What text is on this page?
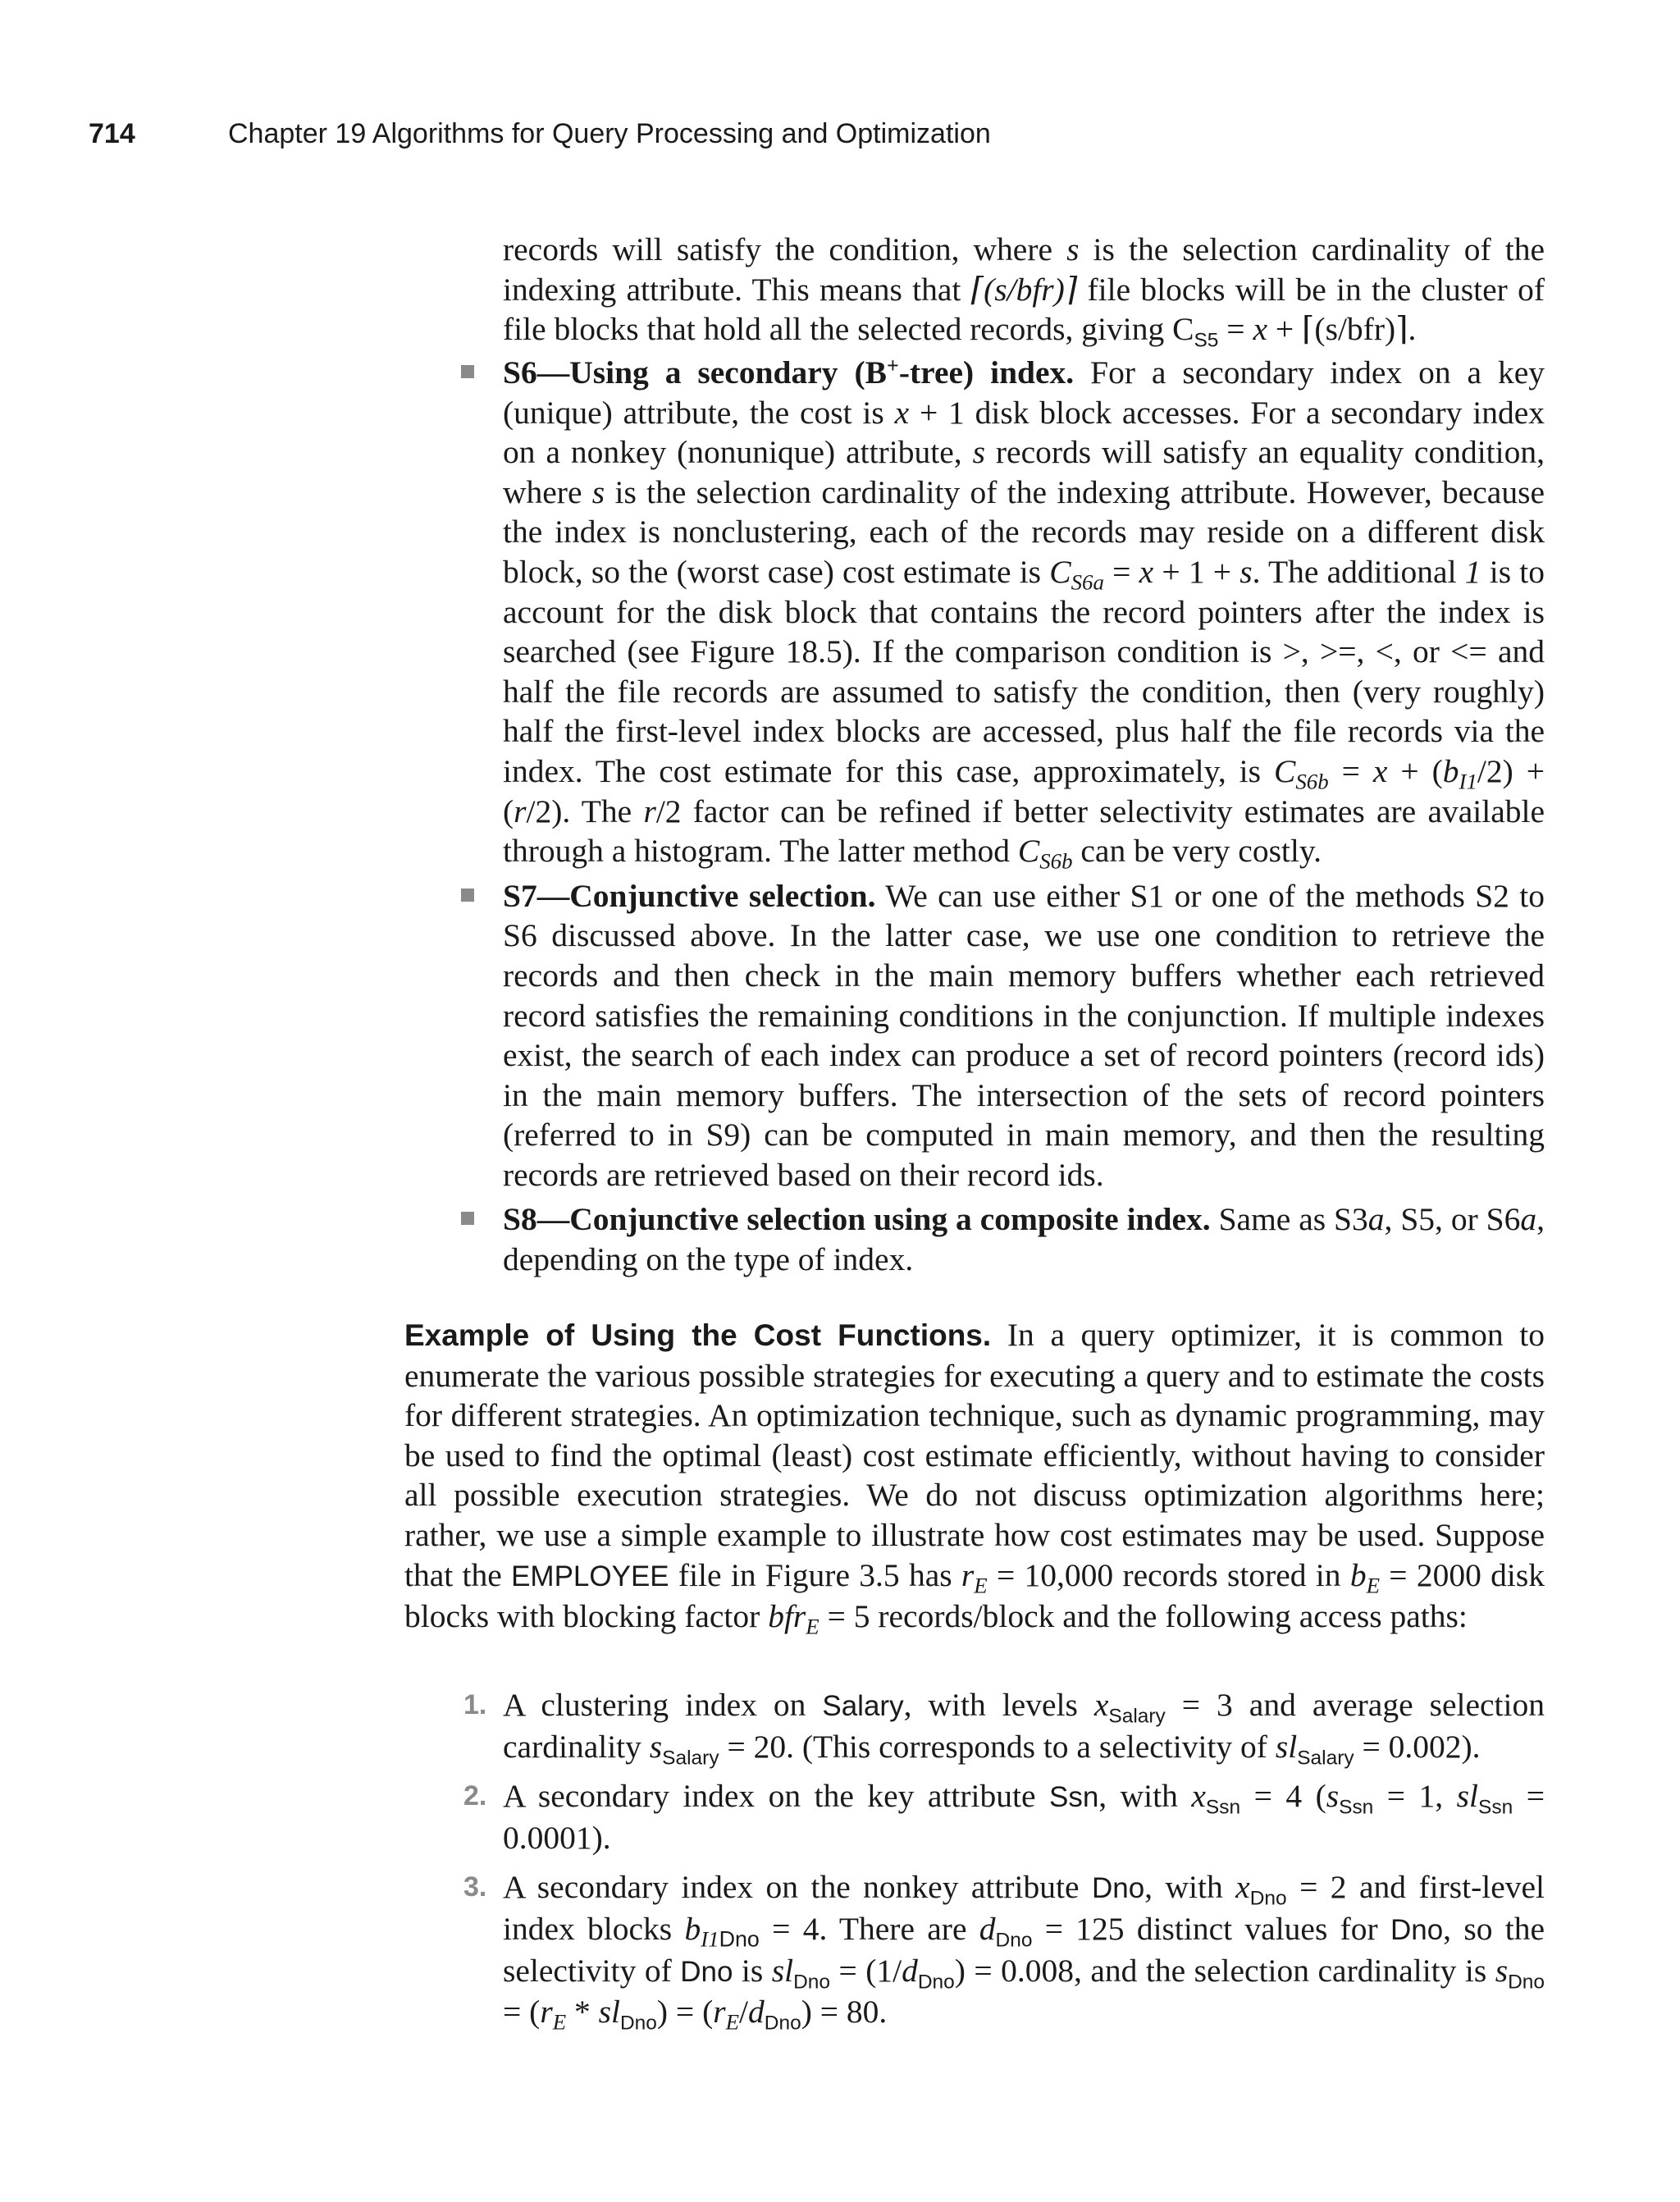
714	Chapter 19 Algorithms for Query Processing and Optimization
records will satisfy the condition, where s is the selection cardinality of the indexing attribute. This means that ⌈(s/bfr)⌉ file blocks will be in the cluster of file blocks that hold all the selected records, giving $C_{S5} = x$ + ⌈(s/bfr)⌉.
S6—Using a secondary (B+-tree) index. For a secondary index on a key (unique) attribute, the cost is x + 1 disk block accesses. For a secondary index on a nonkey (nonunique) attribute, s records will satisfy an equality condition, where s is the selection cardinality of the indexing attribute. However, because the index is nonclustering, each of the records may reside on a different disk block, so the (worst case) cost estimate is $C_{S6a} = x + 1 + s$. The additional 1 is to account for the disk block that contains the record pointers after the index is searched (see Figure 18.5). If the comparison condition is >, >=, <, or <= and half the file records are assumed to satisfy the condition, then (very roughly) half the first-level index blocks are accessed, plus half the file records via the index. The cost estimate for this case, approximately, is $C_{S6b} = x + (b_{I1}/2) + (r/2)$. The r/2 factor can be refined if better selectivity estimates are available through a histogram. The latter method $C_{S6b}$ can be very costly.
S7—Conjunctive selection. We can use either S1 or one of the methods S2 to S6 discussed above. In the latter case, we use one condition to retrieve the records and then check in the main memory buffers whether each retrieved record satisfies the remaining conditions in the conjunction. If multiple indexes exist, the search of each index can produce a set of record pointers (record ids) in the main memory buffers. The intersection of the sets of record pointers (referred to in S9) can be computed in main memory, and then the resulting records are retrieved based on their record ids.
S8—Conjunctive selection using a composite index. Same as S3a, S5, or S6a, depending on the type of index.
Example of Using the Cost Functions. In a query optimizer, it is common to enumerate the various possible strategies for executing a query and to estimate the costs for different strategies. An optimization technique, such as dynamic programming, may be used to find the optimal (least) cost estimate efficiently, without having to consider all possible execution strategies. We do not discuss optimization algorithms here; rather, we use a simple example to illustrate how cost estimates may be used. Suppose that the EMPLOYEE file in Figure 3.5 has $r_E = 10,000$ records stored in $b_E = 2000$ disk blocks with blocking factor bfr$_E$ = 5 records/block and the following access paths:
1. A clustering index on Salary, with levels $x_{Salary} = 3$ and average selection cardinality $s_{Salary} = 20$. (This corresponds to a selectivity of $sl_{Salary} = 0.002$).
2. A secondary index on the key attribute Ssn, with $x_{Ssn} = 4$ ($s_{Ssn} = 1$, $sl_{Ssn} = 0.0001$).
3. A secondary index on the nonkey attribute Dno, with $x_{Dno} = 2$ and first-level index blocks $b_{I1Dno} = 4$. There are $d_{Dno} = 125$ distinct values for Dno, so the selectivity of Dno is $sl_{Dno} = (1/d_{Dno}) = 0.008$, and the selection cardinality is $s_{Dno} = (r_E * sl_{Dno}) = (r_E/d_{Dno}) = 80$.
